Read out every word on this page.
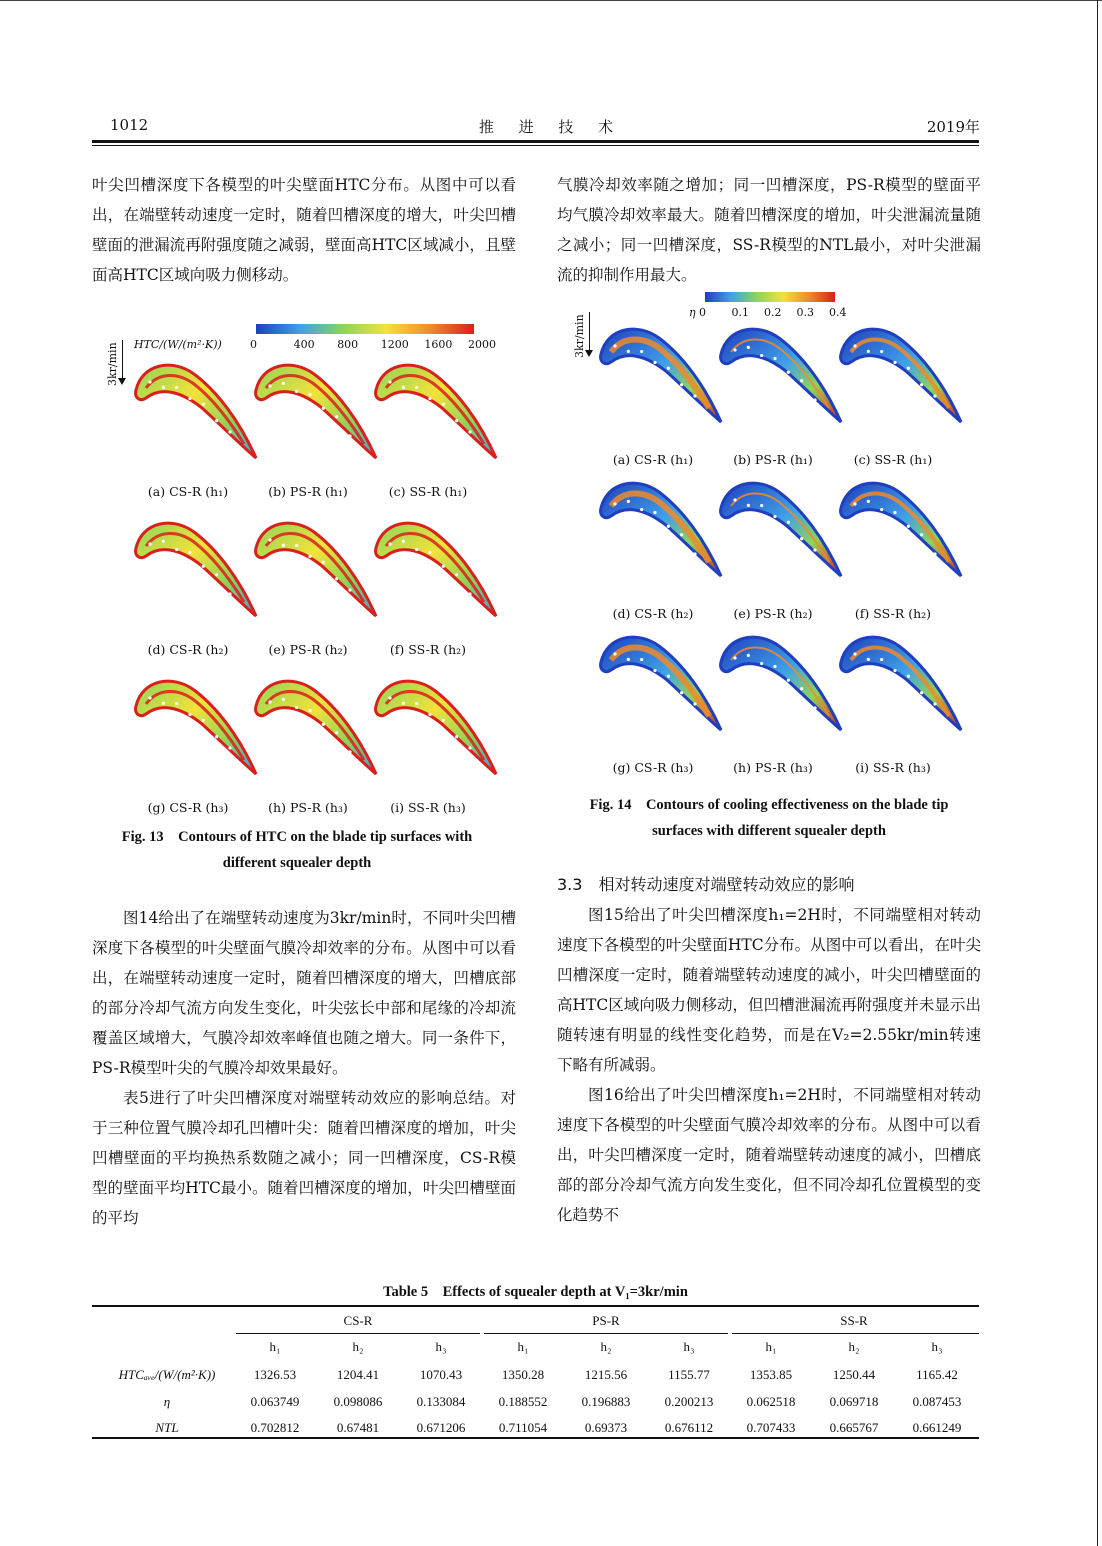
1012	推 进 技 术	2019年

叶尖凹槽深度下各模型的叶尖壁面HTC分布。从图中可以看出，在端壁转动速度一定时，随着凹槽深度的增大，叶尖凹槽壁面的泄漏流再附强度随之减弱，壁面高HTC区域减小，且壁面高HTC区域向吸力侧移动。

HTC/(W/(m²·K))	0	400 800 1200 1600 2000
3kr/min
(a) CS-R (h₁)	(b) PS-R (h₁)	(c) SS-R (h₁)
(d) CS-R (h₂)	(e) PS-R (h₂)	(f) SS-R (h₂)
(g) CS-R (h₃)	(h) PS-R (h₃)	(i) SS-R (h₃)
Fig. 13　Contours of HTC on the blade tip surfaces with
different squealer depth

图14给出了在端壁转动速度为3kr/min时，不同叶尖凹槽深度下各模型的叶尖壁面气膜冷却效率的分布。从图中可以看出，在端壁转动速度一定时，随着凹槽深度的增大，凹槽底部的部分冷却气流方向发生变化，叶尖弦长中部和尾缘的冷却流覆盖区域增大，气膜冷却效率峰值也随之增大。同一条件下，PS-R模型叶尖的气膜冷却效果最好。

表5进行了叶尖凹槽深度对端壁转动效应的影响总结。对于三种位置气膜冷却孔凹槽叶尖：随着凹槽深度的增加，叶尖凹槽壁面的平均换热系数随之减小；同一凹槽深度，CS-R模型的壁面平均HTC最小。随着凹槽深度的增加，叶尖凹槽壁面的平均

气膜冷却效率随之增加；同一凹槽深度，PS-R模型的壁面平均气膜冷却效率最大。随着凹槽深度的增加，叶尖泄漏流量随之减小；同一凹槽深度，SS-R模型的NTL最小，对叶尖泄漏流的抑制作用最大。

η 0 0.1 0.2 0.3 0.4
3kr/min
(a) CS-R (h₁)	(b) PS-R (h₁)	(c) SS-R (h₁)
(d) CS-R (h₂)	(e) PS-R (h₂)	(f) SS-R (h₂)
(g) CS-R (h₃)	(h) PS-R (h₃)	(i) SS-R (h₃)
Fig. 14　Contours of cooling effectiveness on the blade tip
surfaces with different squealer depth
3.3　相对转动速度对端壁转动效应的影响

图15给出了叶尖凹槽深度h₁=2H时，不同端壁相对转动速度下各模型的叶尖壁面HTC分布。从图中可以看出，在叶尖凹槽深度一定时，随着端壁转动速度的减小，叶尖凹槽壁面的高HTC区域向吸力侧移动，但凹槽泄漏流再附强度并未显示出随转速有明显的线性变化趋势，而是在V₂=2.55kr/min转速下略有所减弱。

图16给出了叶尖凹槽深度h₁=2H时，不同端壁相对转动速度下各模型的叶尖壁面气膜冷却效率的分布。从图中可以看出，叶尖凹槽深度一定时，随着端壁转动速度的减小，凹槽底部的部分冷却气流方向发生变化，但不同冷却孔位置模型的变化趋势不

Table 5　Effects of squealer depth at V₁=3kr/min
CS-R	PS-R	SS-R
h₁	h₂	h₃	h₁	h₂	h₃	h₁	h₂	h₃
HTCₐᵥₑ/(W/(m²·K))	1326.53	1204.41	1070.43	1350.28	1215.56	1155.77	1353.85	1250.44	1165.42
η	0.063749	0.098086	0.133084	0.188552	0.196883	0.200213	0.062518	0.069718	0.087453
NTL	0.702812	0.67481	0.671206	0.711054	0.69373	0.676112	0.707433	0.665767	0.661249
